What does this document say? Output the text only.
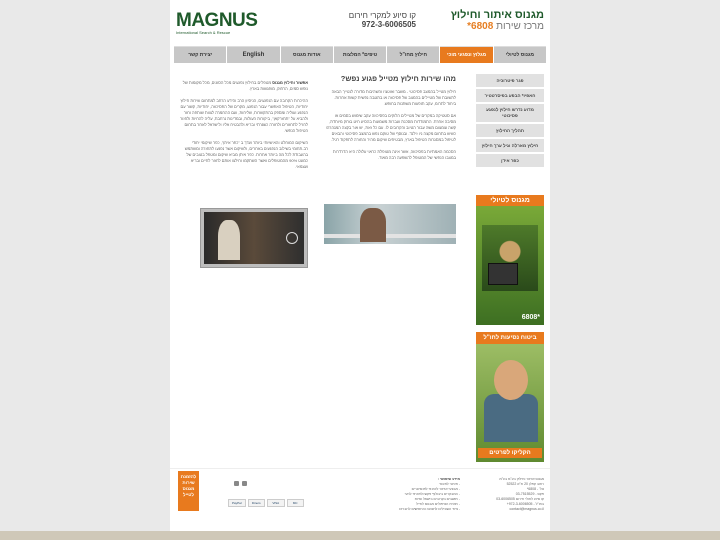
MAGNUS
International Search & Rescue
קו סיוע למקרי חירום
972-3-6006505
מגנוס איתור וחילוץ
מרכז שירות 6808*
מגנוס לטיולי
מגלוץ ונפגעי מוכי
חילוץ מחו"ל
טיפים* המלצות
אודות מגנוס
English
יצירת קשר
פגר פיטרוכיה
חאפיו* הבפע בפיסרטטיר
מדוע נדרש חילוץ לנפגע פסיכוטי
תהליך החילוץ
חילוץ מארלה וגיל ערך חילוץ
כפר אידן
מגנוס לטיולי
6808*
ביטוח נסיעות לחו"ל
הקליקו לפרטים
מהו שירות חילוץ מטייל פגוע נפש?

חילוץ מטייל בהמצב פסיכוטי - משבר ואוטצ'ו והשהיבות מדורה לנטייך הבאה לתשובת של מטיילים בהמצב של פסיכוזה או בתגובה נפשית קשות אחרות. ביחוד לתרומ, עקב תופעות משתנות בחופש.

אם סטטיקה במקרים של מטיילים הלוקים בפסיכוזה עקב שימוש בסמים או מסיבה אחרת. התמודדות מסכנת ועברות משמעות בהסיע חיגו בזחק מיוחדת, קשה וצמצום משה עבור הטיוב והקרובים לו. עם כל זאת, יש אור בקצה המנהרה! כשיש בתחום מקצה ניו זילנד. ובנוסף של טוקם נפש בהמצב פסיכוטי והבאים לטיפול במסגרות הטיפול בארץ, מבטיחים שיקום מהיר והחזרה לתפקוד רגיל.

הסכמה האמתיות בפסיכוזה, אשר אינה מטופלת כראוי עלולה היא הדרדרות במצבו הנפשי של המטופל להשפעה רבה מאוד.

אפשור וחילוץ מגנוס מטפלים בחילוץ נפגעים מכל הסוגים, מכל מקומות של נופש סמים, הרחוק, מופגשות בארץ.

ההיכרות הקרובה עם הנפגעים, הניסיון הרב והידע הרחב למתחום שירות חילוץ יחודיות, הטיפול האפשרי עבור הנפגע, מקרים של הפסיכוזה, יחודיות, קשור עם הנפגע ועוליה ומספק בהתקשרות, שליחות, ועם ההחמרה לצוות שותפה וחזר ולהביא על "תחזרקאן", ביקורות העולות, ובמדינות נרחבת, עליה להחיות ולחזור לחו"ל לתחזורים ולחזרה כשגרתי ובריא ולהבטיח אליו ולישראל לאחר בתחום הטיפול הנפשי.

השיקום המוחלט והאישיותי ביותר ועדך ב "כפר איתן", כפר שיקומי יחודי רב-תחומי בשילוב הנפגעים באחרים, ולשיקום אשר נפגעו לתחזרה ומשתמש בהעבודת לכל מה ביותר אחרות. כפר איתן מביא שיקום ומטפל בטובים של כמעט 90% מהמטופלים ואשר השתקמו וחילצו אותם לחזור לחיים ובריא ועצמאי.

מגנוס איתור וחילוץ בע"מ בע"מ
רחוב קפלן 20 ת"א 52522
טל' - 6808*
פקס - 03-7515529
קו סיוע לחולי חירום 03-6006505
בחו"ל - 972-3-6006505+
contact@magnus.co.il
מידע שימושי :
- איתור לאיבוד
- מבצעי איתור לאיבוד לפנסיונרים
- המבקרים ביבולוף פקש ולאיוחד להעי
- תושבים בקרובים בישאל ואיות
- חוזרת הטיפולים מבנוס לחייל
- ציוד השבילים לתנועה והחופשים לחברים
PayPal	Diners	VISA	MC
להזמנת שירות מגנוס לטייל
